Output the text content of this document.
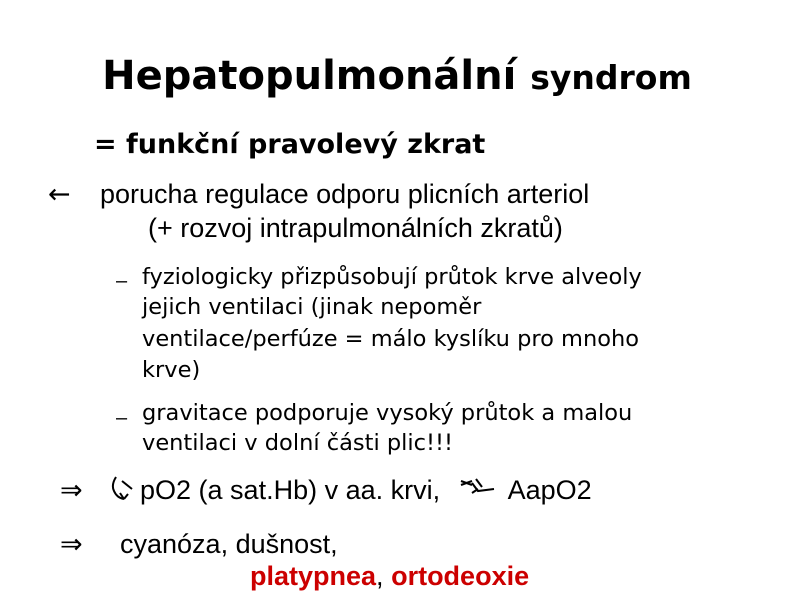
Hepatopulmonální syndrom
= funkční pravolevý zkrat
← porucha regulace odporu plicních arteriol
(+ rozvoj intrapulmonálních zkratů)
– fyziologicky přizpůsobují průtok krve alveoly
jejich ventilaci (jinak nepoměr
ventilace/perfúze = málo kyslíku pro mnoho
krve)
– gravitace podporuje vysoký průtok a malou
ventilaci v dolní části plic!!!
⇒ pO2 (a sat.Hb) v aa. krvi,	AapO2
⇒ cyanóza, dušnost,
platypnea, ortodeoxie
